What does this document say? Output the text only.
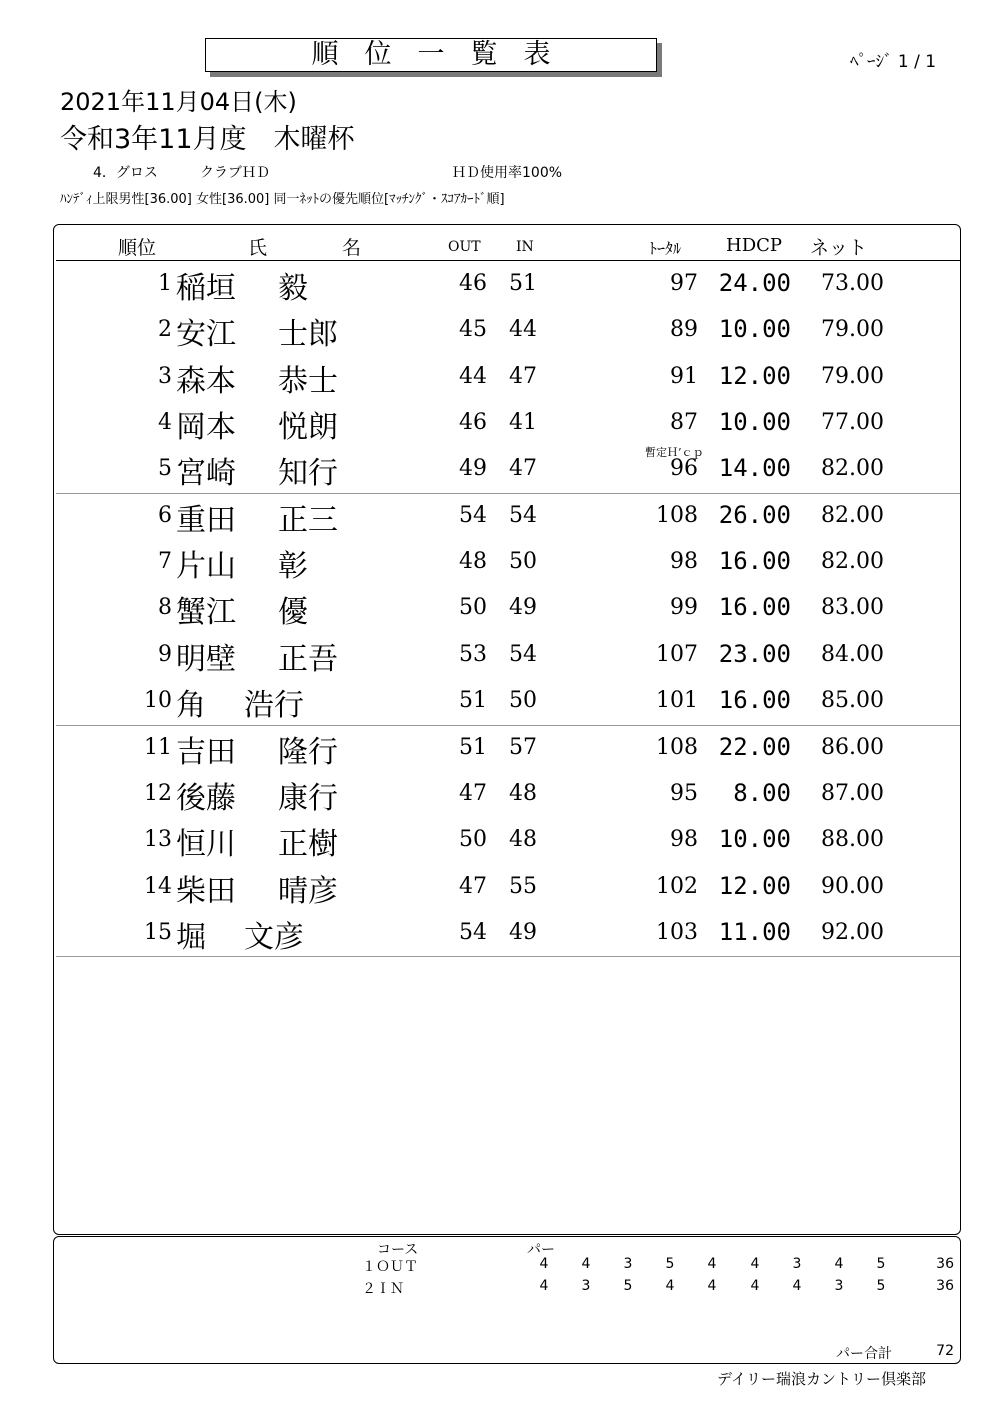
順位一覧表	ﾍﾟｰｼﾞ 1 / 1
2021年11月04日(木)
令和3年11月度　木曜杯
4．グロス	クラブＨＤ	ＨＤ使用率100%
ﾊﾝﾃﾞｨ上限男性[36.00] 女性[36.00] 同一ﾈｯﾄの優先順位[ﾏｯﾁﾝｸﾞ・ｽｺｱｶｰﾄﾞ順]
順位	氏	名	OUT	IN	ﾄｰﾀﾙ HDCP ネット
1 稲垣 毅	46 51	97 24.00 73.00
2 安江 士郎	45 44	89 10.00 79.00
3 森本 恭士	44 47	91 12.00 79.00
4 岡本 悦朗	46 41	87 10.00 77.00
暫定Ｈ’ｃｐ
5 宮崎 知行	49 47	96 14.00 82.00
6 重田 正三	54 54	108 26.00 82.00
7 片山 彰	48 50	98 16.00 82.00
8 蟹江 優	50 49	99 16.00 83.00
9 明壁 正吾	53 54	107 23.00 84.00
10 角 浩行	51 50	101 16.00 85.00
11 吉田 隆行	51 57	108 22.00 86.00
12 後藤 康行	47 48	95 8.00 87.00
13 恒川 正樹	50 48	98 10.00 88.00
14 柴田 晴彦	47 55	102 12.00 90.00
15 堀 文彦	54 49	103 11.00 92.00
コース	パー
１ＯＵＴ	4	4	3	5	4	4	3	4	5	36
２ＩＮ	4	3	5	4	4	4	4	3	5	36
パー合計	72
デイリー瑞浪カントリー倶楽部
